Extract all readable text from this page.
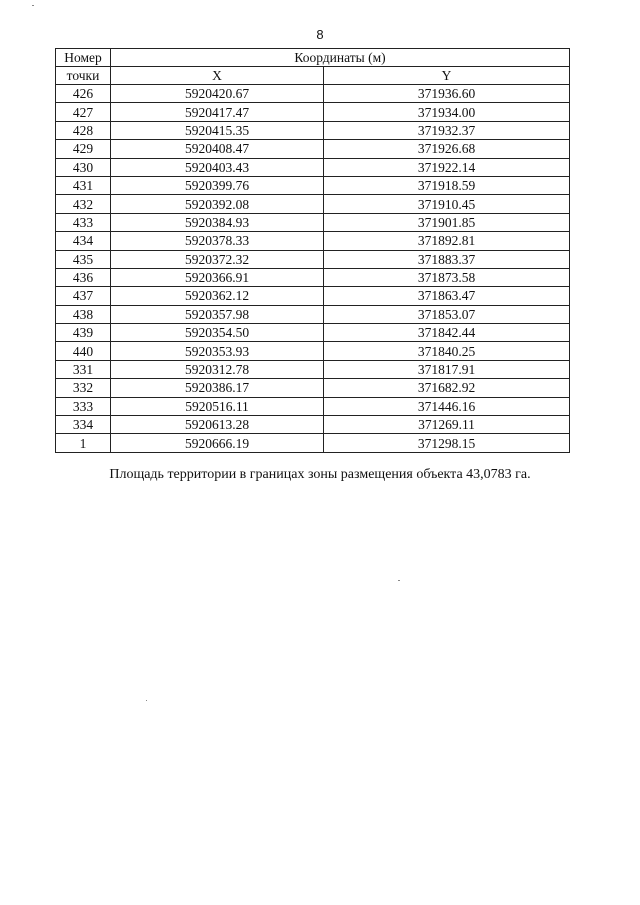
8
Номер	Координаты (м)	
точки	X	Y
426	5920420.67	371936.60
427	5920417.47	371934.00
428	5920415.35	371932.37
429	5920408.47	371926.68
430	5920403.43	371922.14
431	5920399.76	371918.59
432	5920392.08	371910.45
433	5920384.93	371901.85
434	5920378.33	371892.81
435	5920372.32	371883.37
436	5920366.91	371873.58
437	5920362.12	371863.47
438	5920357.98	371853.07
439	5920354.50	371842.44
440	5920353.93	371840.25
331	5920312.78	371817.91
332	5920386.17	371682.92
333	5920516.11	371446.16
334	5920613.28	371269.11
1	5920666.19	371298.15
Площадь территории в границах зоны размещения объекта 43,0783 га.
